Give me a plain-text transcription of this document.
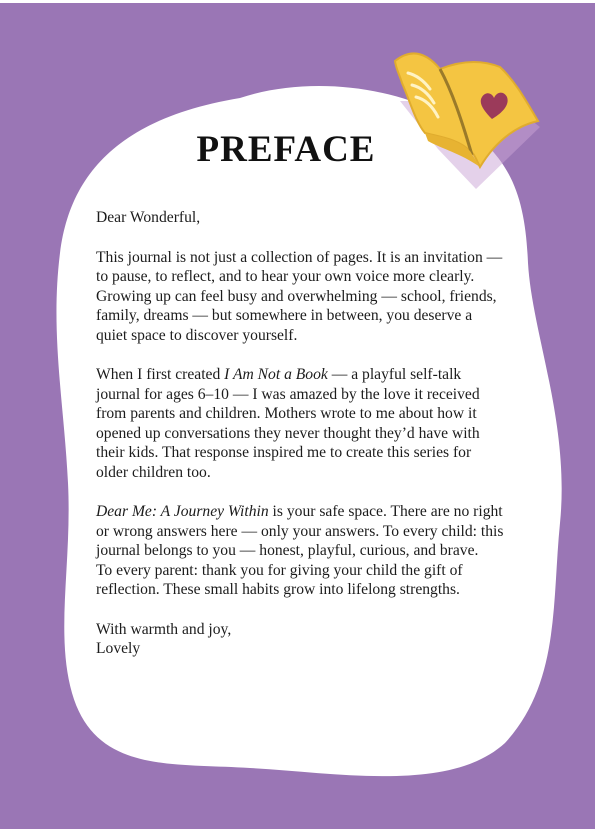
PREFACE

Dear Wonderful,

This journal is not just a collection of pages. It is an invitation — to pause, to reflect, and to hear your own voice more clearly. Growing up can feel busy and overwhelming — school, friends, family, dreams — but somewhere in between, you deserve a quiet space to discover yourself.

When I first created I Am Not a Book — a playful self-talk journal for ages 6–10 — I was amazed by the love it received from parents and children. Mothers wrote to me about how it opened up conversations they never thought they’d have with their kids. That response inspired me to create this series for older children too.

Dear Me: A Journey Within is your safe space. There are no right or wrong answers here — only your answers. To every child: this journal belongs to you — honest, playful, curious, and brave.

To every parent: thank you for giving your child the gift of reflection. These small habits grow into lifelong strengths.

With warmth and joy,

Lovely
